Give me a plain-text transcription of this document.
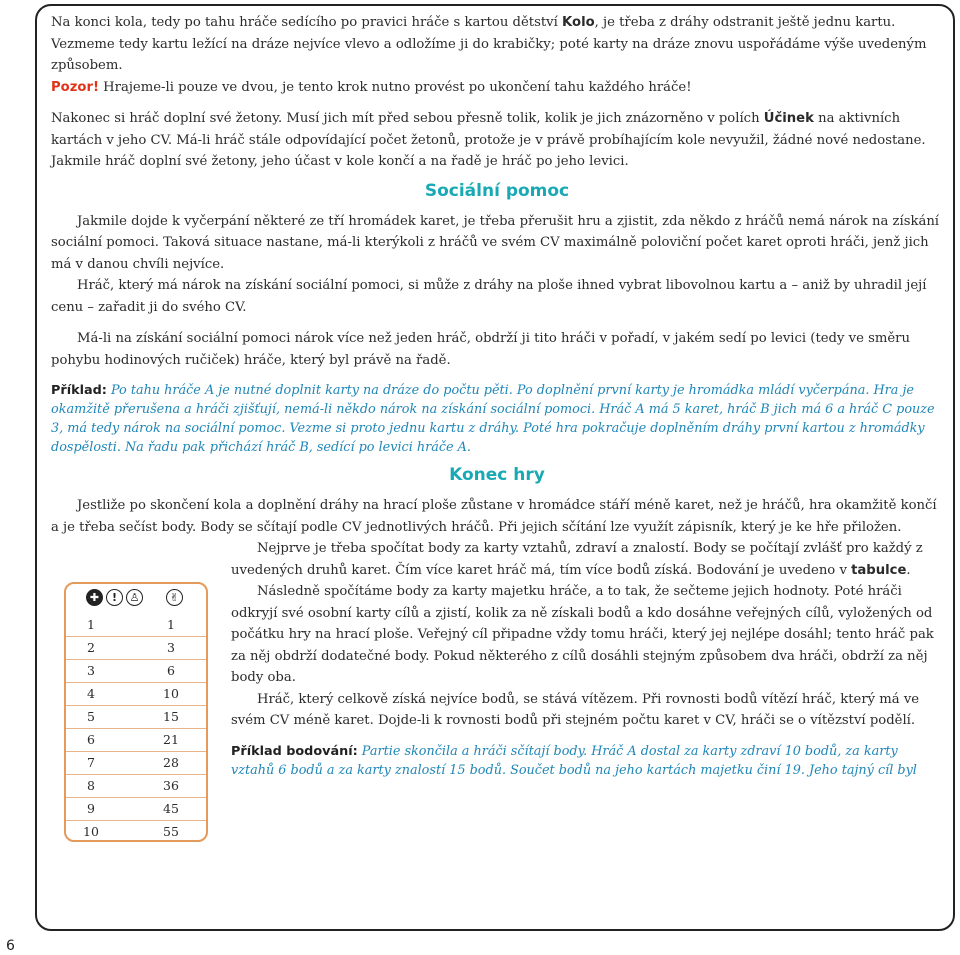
Na konci kola, tedy po tahu hráče sedícího po pravici hráče s kartou dětství Kolo, je třeba z dráhy odstranit ještě jednu kartu. Vezmeme tedy kartu ležící na dráze nejvíce vlevo a odložíme ji do krabičky; poté karty na dráze znovu uspořádáme výše uvedeným způsobem.

Pozor! Hrajeme-li pouze ve dvou, je tento krok nutno provést po ukončení tahu každého hráče!

Nakonec si hráč doplní své žetony. Musí jich mít před sebou přesně tolik, kolik je jich znázorněno v polích Účinek na aktivních kartách v jeho CV. Má-li hráč stále odpovídající počet žetonů, protože je v právě probíhajícím kole nevyužil, žádné nové nedostane. Jakmile hráč doplní své žetony, jeho účast v kole končí a na řadě je hráč po jeho levici.

Sociální pomoc

Jakmile dojde k vyčerpání některé ze tří hromádek karet, je třeba přerušit hru a zjistit, zda někdo z hráčů nemá nárok na získání sociální pomoci. Taková situace nastane, má-li kterýkoli z hráčů ve svém CV maximálně poloviční počet karet oproti hráči, jenž jich má v danou chvíli nejvíce.

Hráč, který má nárok na získání sociální pomoci, si může z dráhy na ploše ihned vybrat libovolnou kartu a – aniž by uhradil její cenu – zařadit ji do svého CV.

Má-li na získání sociální pomoci nárok více než jeden hráč, obdrží ji tito hráči v pořadí, v jakém sedí po levici (tedy ve směru pohybu hodinových ručiček) hráče, který byl právě na řadě.

Příklad: Po tahu hráče A je nutné doplnit karty na dráze do počtu pěti. Po doplnění první karty je hromádka mládí vyčerpána. Hra je okamžitě přerušena a hráči zjišťují, nemá-li někdo nárok na získání sociální pomoci. Hráč A má 5 karet, hráč B jich má 6 a hráč C pouze 3, má tedy nárok na sociální pomoc. Vezme si proto jednu kartu z dráhy. Poté hra pokračuje doplněním dráhy první kartou z hromádky dospělosti. Na řadu pak přichází hráč B, sedící po levici hráče A.

Konec hry

Jestliže po skončení kola a doplnění dráhy na hrací ploše zůstane v hromádce stáří méně karet, než je hráčů, hra okamžitě končí a je třeba sečíst body. Body se sčítají podle CV jednotlivých hráčů. Při jejich sčítání lze využít zápisník, který je ke hře přiložen.

✚	!	♙	✌
1	1
2	3
3	6
4	10
5	15
6	21
7	28
8	36
9	45
10	55

Nejprve je třeba spočítat body za karty vztahů, zdraví a znalostí. Body se počítají zvlášť pro každý z uvedených druhů karet. Čím více karet hráč má, tím více bodů získá. Bodování je uvedeno v tabulce.

Následně spočítáme body za karty majetku hráče, a to tak, že sečteme jejich hodnoty. Poté hráči odkryjí své osobní karty cílů a zjistí, kolik za ně získali bodů a kdo dosáhne veřejných cílů, vyložených od počátku hry na hrací ploše. Veřejný cíl připadne vždy tomu hráči, který jej nejlépe dosáhl; tento hráč pak za něj obdrží dodatečné body. Pokud některého z cílů dosáhli stejným způsobem dva hráči, obdrží za něj body oba.

Hráč, který celkově získá nejvíce bodů, se stává vítězem. Při rovnosti bodů vítězí hráč, který má ve svém CV méně karet. Dojde-li k rovnosti bodů při stejném počtu karet v CV, hráči se o vítězství podělí.

Příklad bodování: Partie skončila a hráči sčítají body. Hráč A dostal za karty zdraví 10 bodů, za karty vztahů 6 bodů a za karty znalostí 15 bodů. Součet bodů na jeho kartách majetku činí 19. Jeho tajný cíl byl

6
